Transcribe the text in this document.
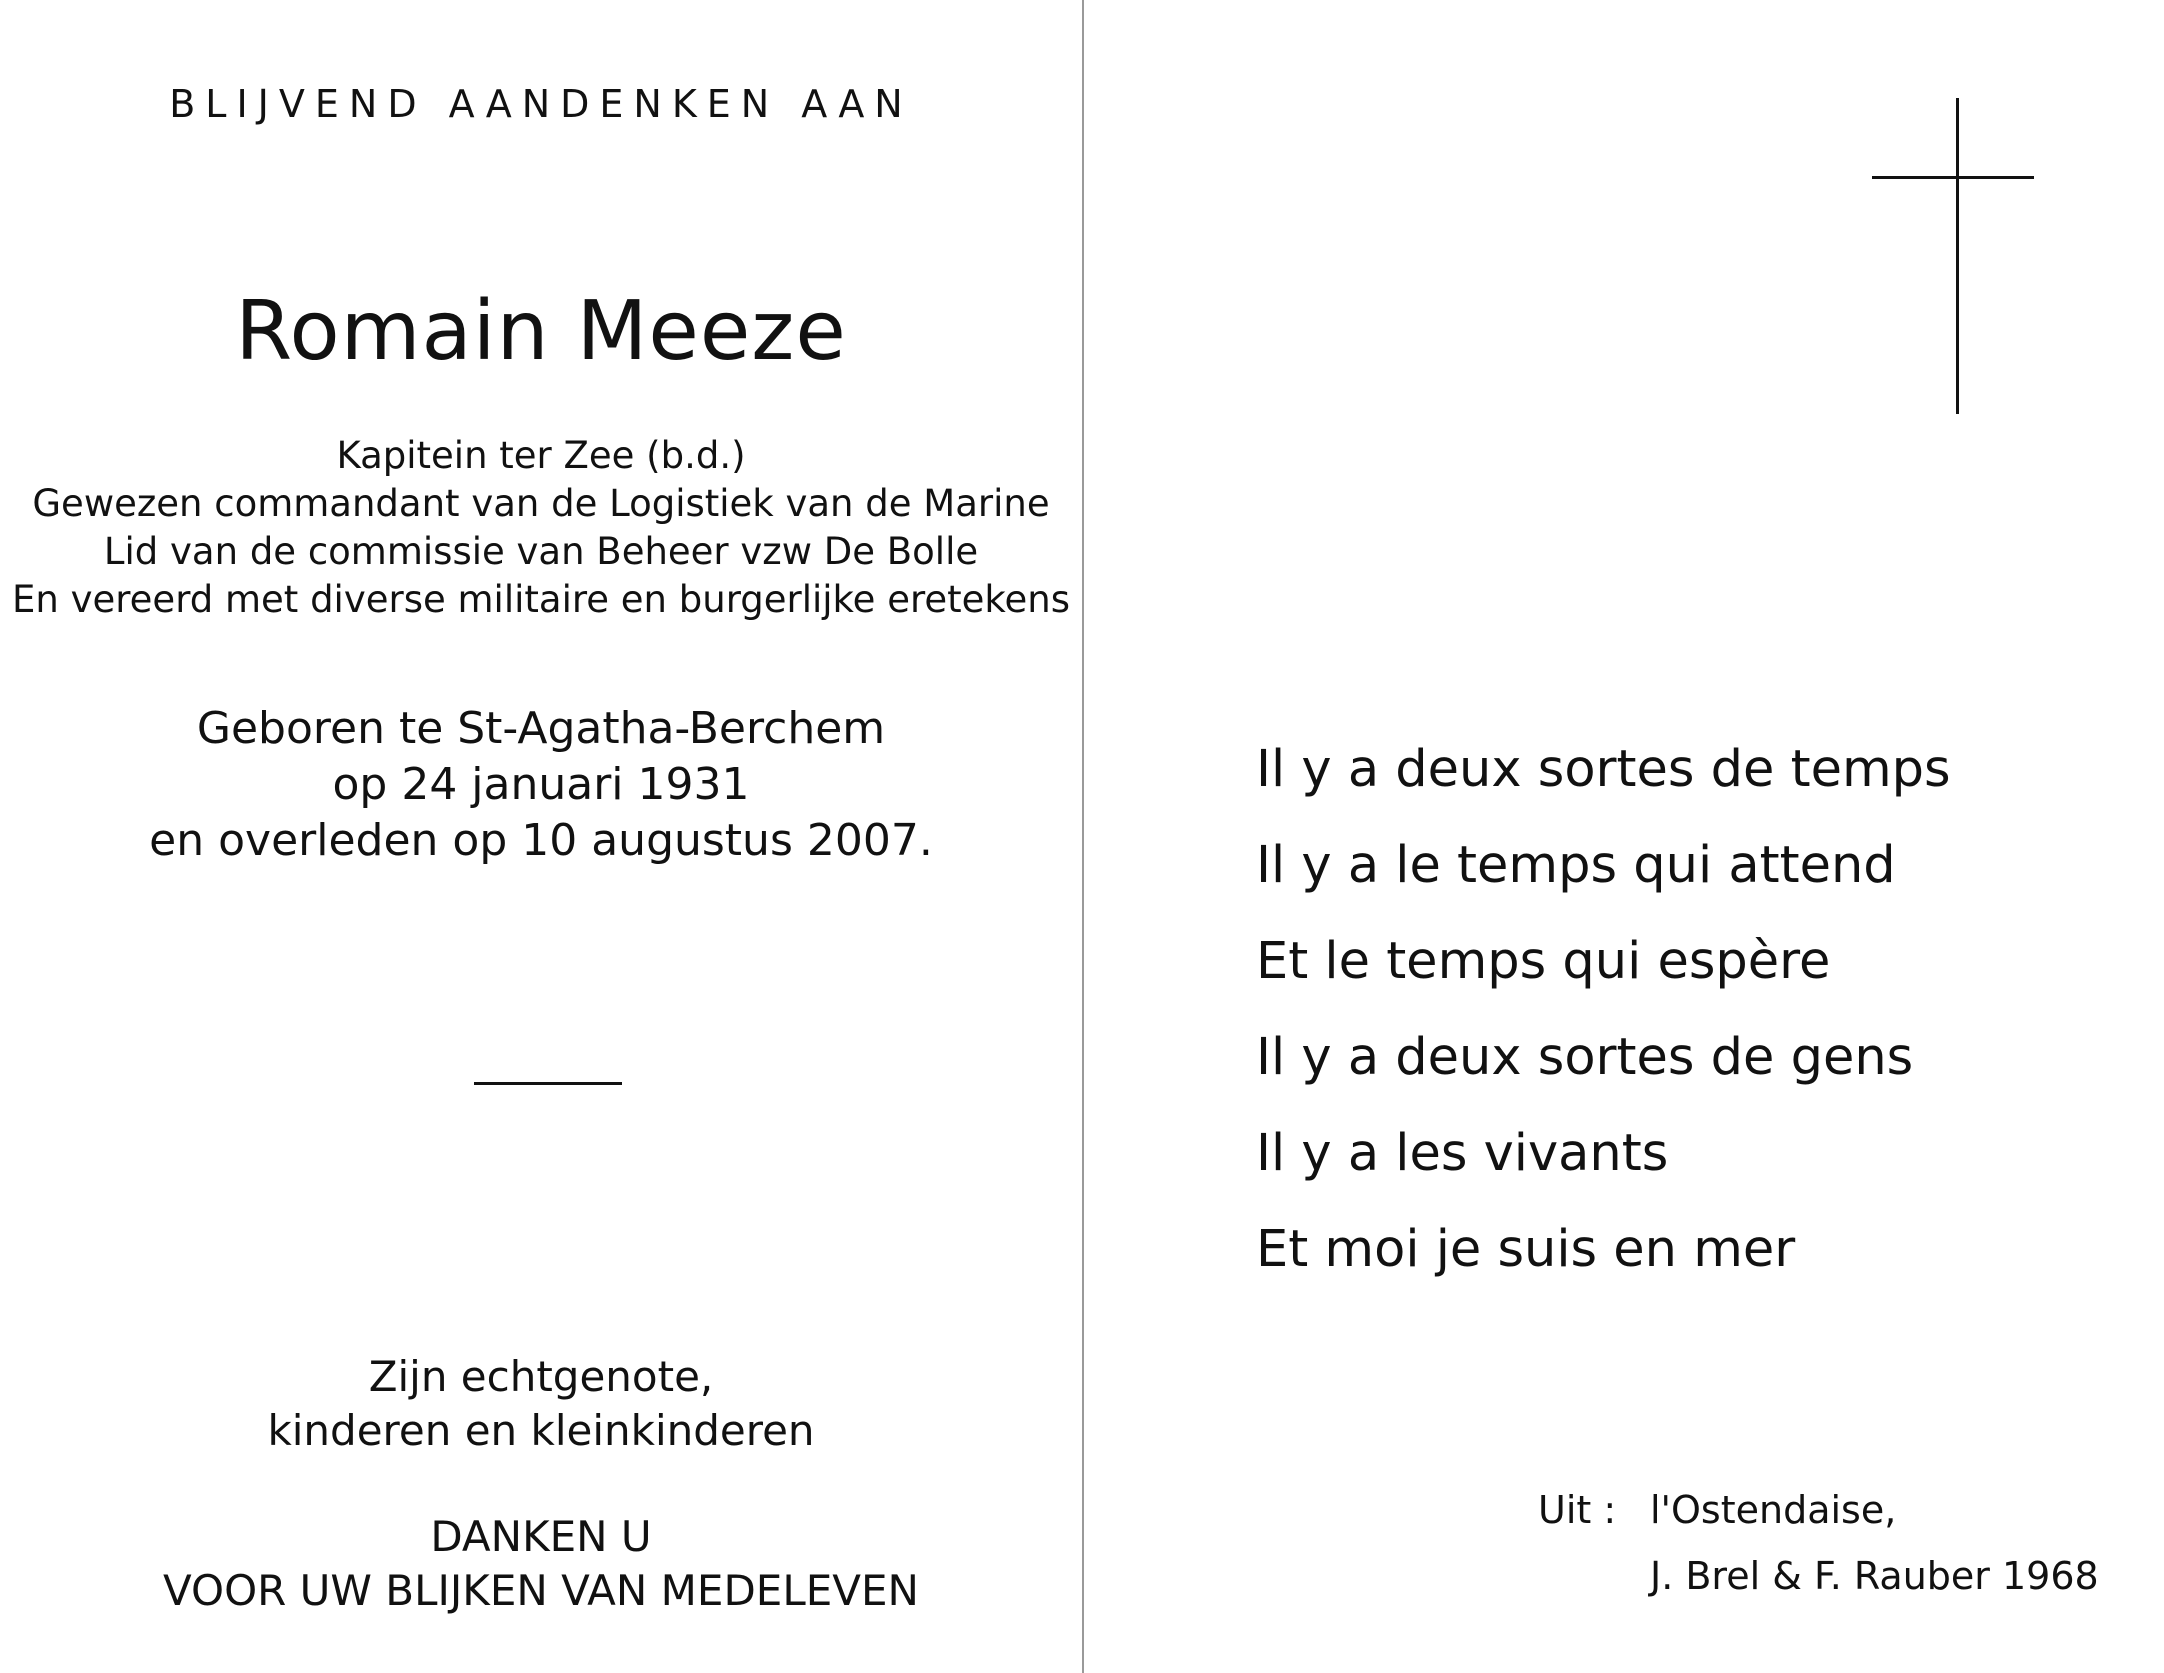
BLIJVEND AANDENKEN AAN
Romain Meeze
Kapitein ter Zee (b.d.)
Gewezen commandant van de Logistiek van de Marine
Lid van de commissie van Beheer vzw De Bolle
En vereerd met diverse militaire en burgerlijke eretekens
Geboren te St-Agatha-Berchem
op 24 januari 1931
en overleden op 10 augustus 2007.
Zijn echtgenote,
kinderen en kleinkinderen
DANKEN U
VOOR UW BLIJKEN VAN MEDELEVEN
Il y a deux sortes de temps
Il y a le temps qui attend
Et le temps qui espère
Il y a deux sortes de gens
Il y a les vivants
Et moi je suis en mer
Uit : l'Ostendaise,
J. Brel & F. Rauber 1968
